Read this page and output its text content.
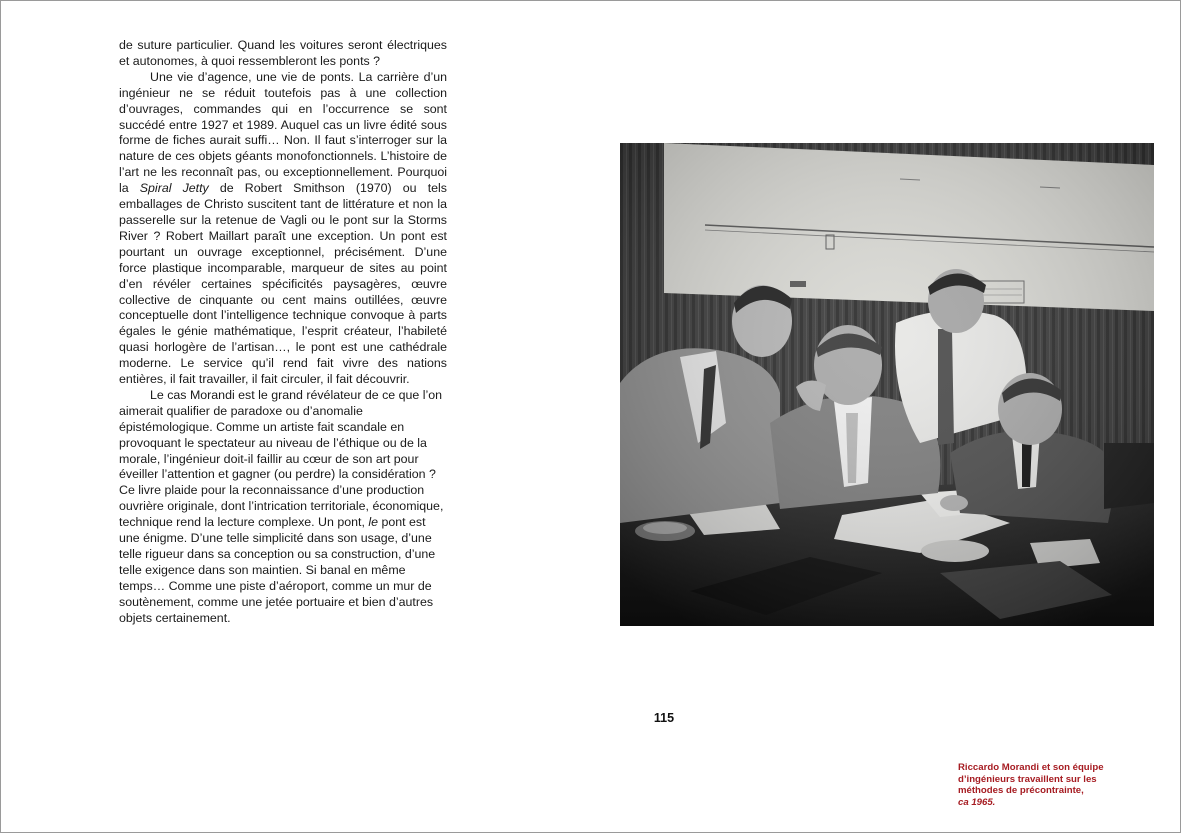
de suture particulier. Quand les voitures seront électriques et autonomes, à quoi ressembleront les ponts ?

Une vie d’agence, une vie de ponts. La carrière d’un ingénieur ne se réduit toutefois pas à une collection d’ouvrages, commandes qui en l’occurrence se sont succédé entre 1927 et 1989. Auquel cas un livre édité sous forme de fiches aurait suffi… Non. Il faut s’interroger sur la nature de ces objets géants monofonctionnels. L’histoire de l’art ne les reconnaît pas, ou exceptionnellement. Pourquoi la Spiral Jetty de Robert Smithson (1970) ou tels emballages de Christo suscitent tant de littérature et non la passerelle sur la retenue de Vagli ou le pont sur la Storms River ? Robert Maillart paraît une exception. Un pont est pourtant un ouvrage exceptionnel, précisément. D’une force plastique incomparable, marqueur de sites au point d’en révéler certaines spécificités paysagères, œuvre collective de cinquante ou cent mains outillées, œuvre conceptuelle dont l’intelligence technique convoque à parts égales le génie mathématique, l’esprit créateur, l’habileté quasi horlogère de l’artisan…, le pont est une cathédrale moderne. Le service qu’il rend fait vivre des nations entières, il fait travailler, il fait circuler, il fait découvrir.

Le cas Morandi est le grand révélateur de ce que l’on aimerait qualifier de paradoxe ou d’anomalie épistémologique. Comme un artiste fait scandale en provoquant le spectateur au niveau de l’éthique ou de la morale, l’ingénieur doit-il faillir au cœur de son art pour éveiller l’attention et gagner (ou perdre) la considération ? Ce livre plaide pour la reconnaissance d’une production ouvrière originale, dont l’intrication territoriale, économique, technique rend la lecture complexe. Un pont, le pont est une énigme. D’une telle simplicité dans son usage, d’une telle rigueur dans sa conception ou sa construction, d’une telle exigence dans son maintien. Si banal en même temps… Comme une piste d’aéroport, comme un mur de soutènement, comme une jetée portuaire et bien d’autres objets certainement.

115
Riccardo Morandi et son équipe d’ingénieurs travaillent sur les méthodes de précontrainte,
ca 1965.
